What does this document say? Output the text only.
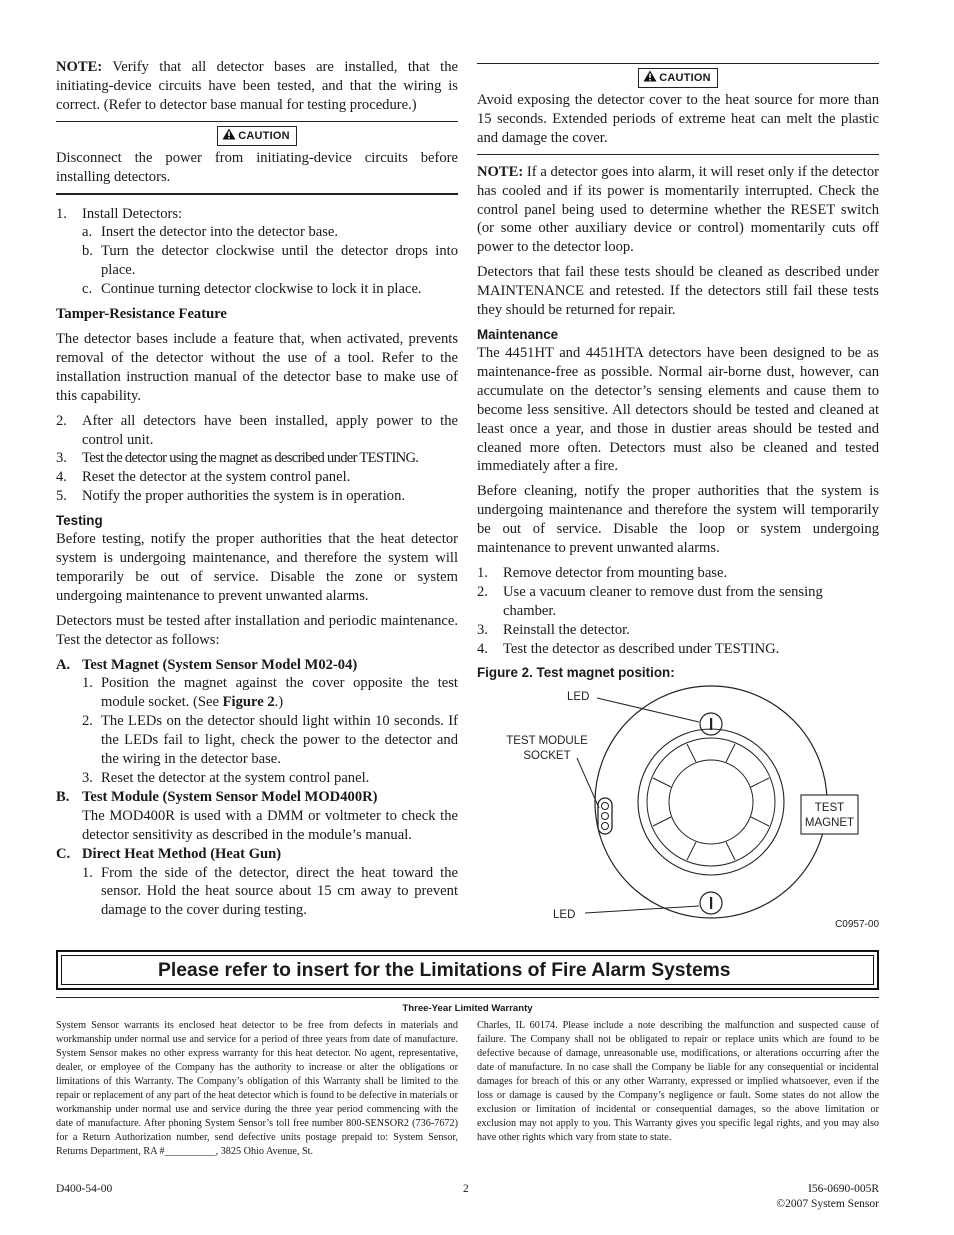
NOTE: Verify that all detector bases are installed, that the initiating-device circuits have been tested, and that the wiring is correct. (Refer to detector base manual for testing procedure.)

CAUTION

Disconnect the power from initiating-device circuits before installing detectors.

1.	Install Detectors:
a. Insert the detector into the detector base.
b. Turn the detector clockwise until the detector drops into place.
c. Continue turning detector clockwise to lock it in place.

Tamper-Resistance Feature

The detector bases include a feature that, when activated, prevents removal of the detector without the use of a tool. Refer to the installation instruction manual of the detector base to make use of this capability.

2.	After all detectors have been installed, apply power to the control unit.
3.	Test the detector using the magnet as described under TESTING.
4.	Reset the detector at the system control panel.
5.	Notify the proper authorities the system is in operation.

Testing

Before testing, notify the proper authorities that the heat detector system is undergoing maintenance, and therefore the system will temporarily be out of service. Disable the zone or system undergoing maintenance to prevent unwanted alarms.

Detectors must be tested after installation and periodic maintenance. Test the detector as follows:

A. Test Magnet (System Sensor Model M02-04)
1. Position the magnet against the cover opposite the test module socket. (See Figure 2.)
2. The LEDs on the detector should light within 10 seconds. If the LEDs fail to light, check the power to the detector and the wiring in the detector base.
3. Reset the detector at the system control panel.
B. Test Module (System Sensor Model MOD400R)
The MOD400R is used with a DMM or voltmeter to check the detector sensitivity as described in the module’s manual.
C. Direct Heat Method (Heat Gun)
1. From the side of the detector, direct the heat toward the sensor. Hold the heat source about 15 cm away to prevent damage to the cover during testing.
CAUTION

Avoid exposing the detector cover to the heat source for more than 15 seconds. Extended periods of extreme heat can melt the plastic and damage the cover.

NOTE: If a detector goes into alarm, it will reset only if the detector has cooled and if its power is momentarily interrupted. Check the control panel being used to determine whether the RESET switch (or some other auxiliary device or control) momentarily cuts off power to the detector loop.

Detectors that fail these tests should be cleaned as described under MAINTENANCE and retested. If the detectors still fail these tests they should be returned for repair.

Maintenance

The 4451HT and 4451HTA detectors have been designed to be as maintenance-free as possible. Normal air-borne dust, however, can accumulate on the detector’s sensing elements and cause them to become less sensitive. All detectors should be tested and cleaned at least once a year, and those in dustier areas should be tested and cleaned more often. Detectors must also be cleaned and tested immediately after a fire.

Before cleaning, notify the proper authorities that the system is undergoing maintenance and therefore the system will temporarily be out of service. Disable the loop or system undergoing maintenance to prevent unwanted alarms.

1.	Remove detector from mounting base.
2.	Use a vacuum cleaner to remove dust from the sensing chamber.
3.	Reinstall the detector.
4.	Test the detector as described under TESTING.

Figure 2. Test magnet position:

LED
TEST MODULE
SOCKET
TEST
MAGNET
LED
C0957-00
Please refer to insert for the Limitations of Fire Alarm Systems
Three-Year Limited Warranty
System Sensor warrants its enclosed heat detector to be free from defects in materials and workmanship under normal use and service for a period of three years from date of manufacture. System Sensor makes no other express warranty for this heat detector. No agent, representative, dealer, or employee of the Company has the authority to increase or alter the obligations or limitations of this Warranty. The Company’s obligation of this Warranty shall be limited to the repair or replacement of any part of the heat detector which is found to be defective in materials or workmanship under normal use and service during the three year period commencing with the date of manufacture. After phoning System Sensor’s toll free number 800-SENSOR2 (736-7672) for a Return Authorization number, send defective units postage prepaid to: System Sensor, Returns Department, RA #__________, 3825 Ohio Avenue, St.
Charles, IL 60174. Please include a note describing the malfunction and suspected cause of failure. The Company shall not be obligated to repair or replace units which are found to be defective because of damage, unreasonable use, modifications, or alterations occurring after the date of manufacture. In no case shall the Company be liable for any consequential or incidental damages for breach of this or any other Warranty, expressed or implied whatsoever, even if the loss or damage is caused by the Company’s negligence or fault. Some states do not allow the exclusion or limitation of incidental or consequential damages, so the above limitation or exclusion may not apply to you. This Warranty gives you specific legal rights, and you may also have other rights which vary from state to state.
D400-54-00	2	I56-0690-005R
©2007 System Sensor
